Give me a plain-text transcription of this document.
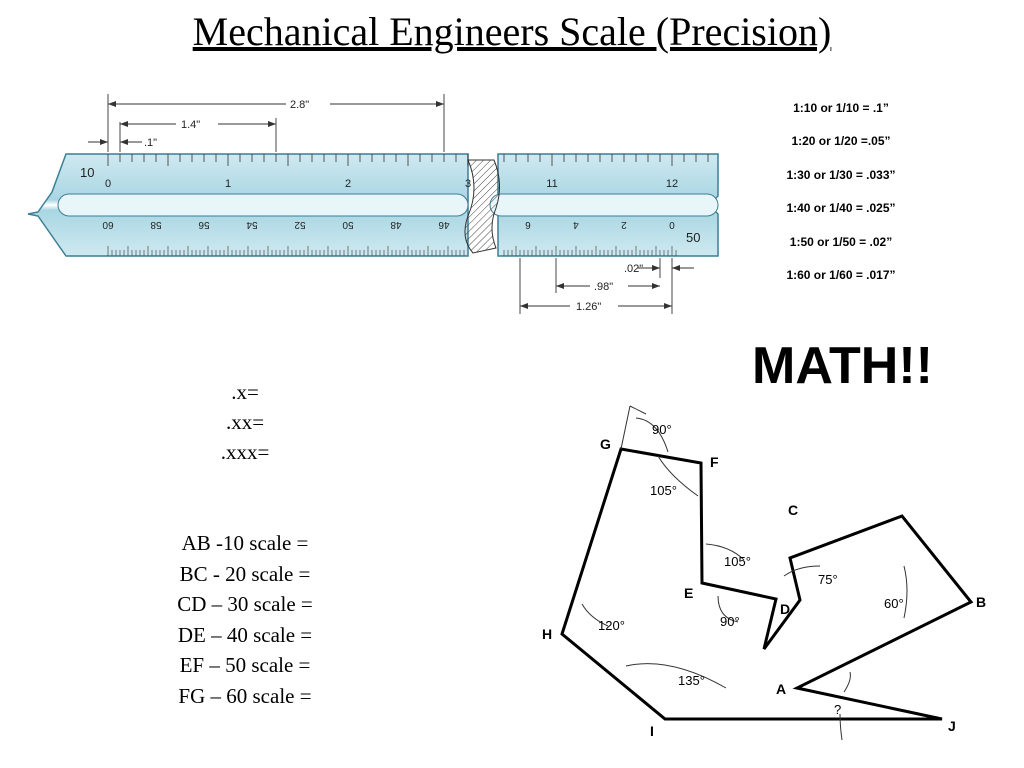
Mechanical Engineers Scale (Precision)
10
50
0	1	2	3	11	12
60	58	56	54	52	50	48	46	6	4	2	0
2.8"
1.4"
.1"
.02"
.98"
1.26"
1:10 or 1/10 = .1”
1:20 or 1/20 =.05”
1:30 or 1/30 = .033”
1:40 or 1/40 = .025”
1:50 or 1/50 = .02”
1:60 or 1/60 = .017”
MATH!!
.x=
.xx=
.xxx=
AB -10 scale =
BC - 20 scale =
CD – 30 scale =
DE – 40 scale =
EF – 50 scale =
FG – 60 scale =
G
F
C
B
E
D
H
A
I	J
90°
105°
105°
75°
60°
90°
120°
135°
?
